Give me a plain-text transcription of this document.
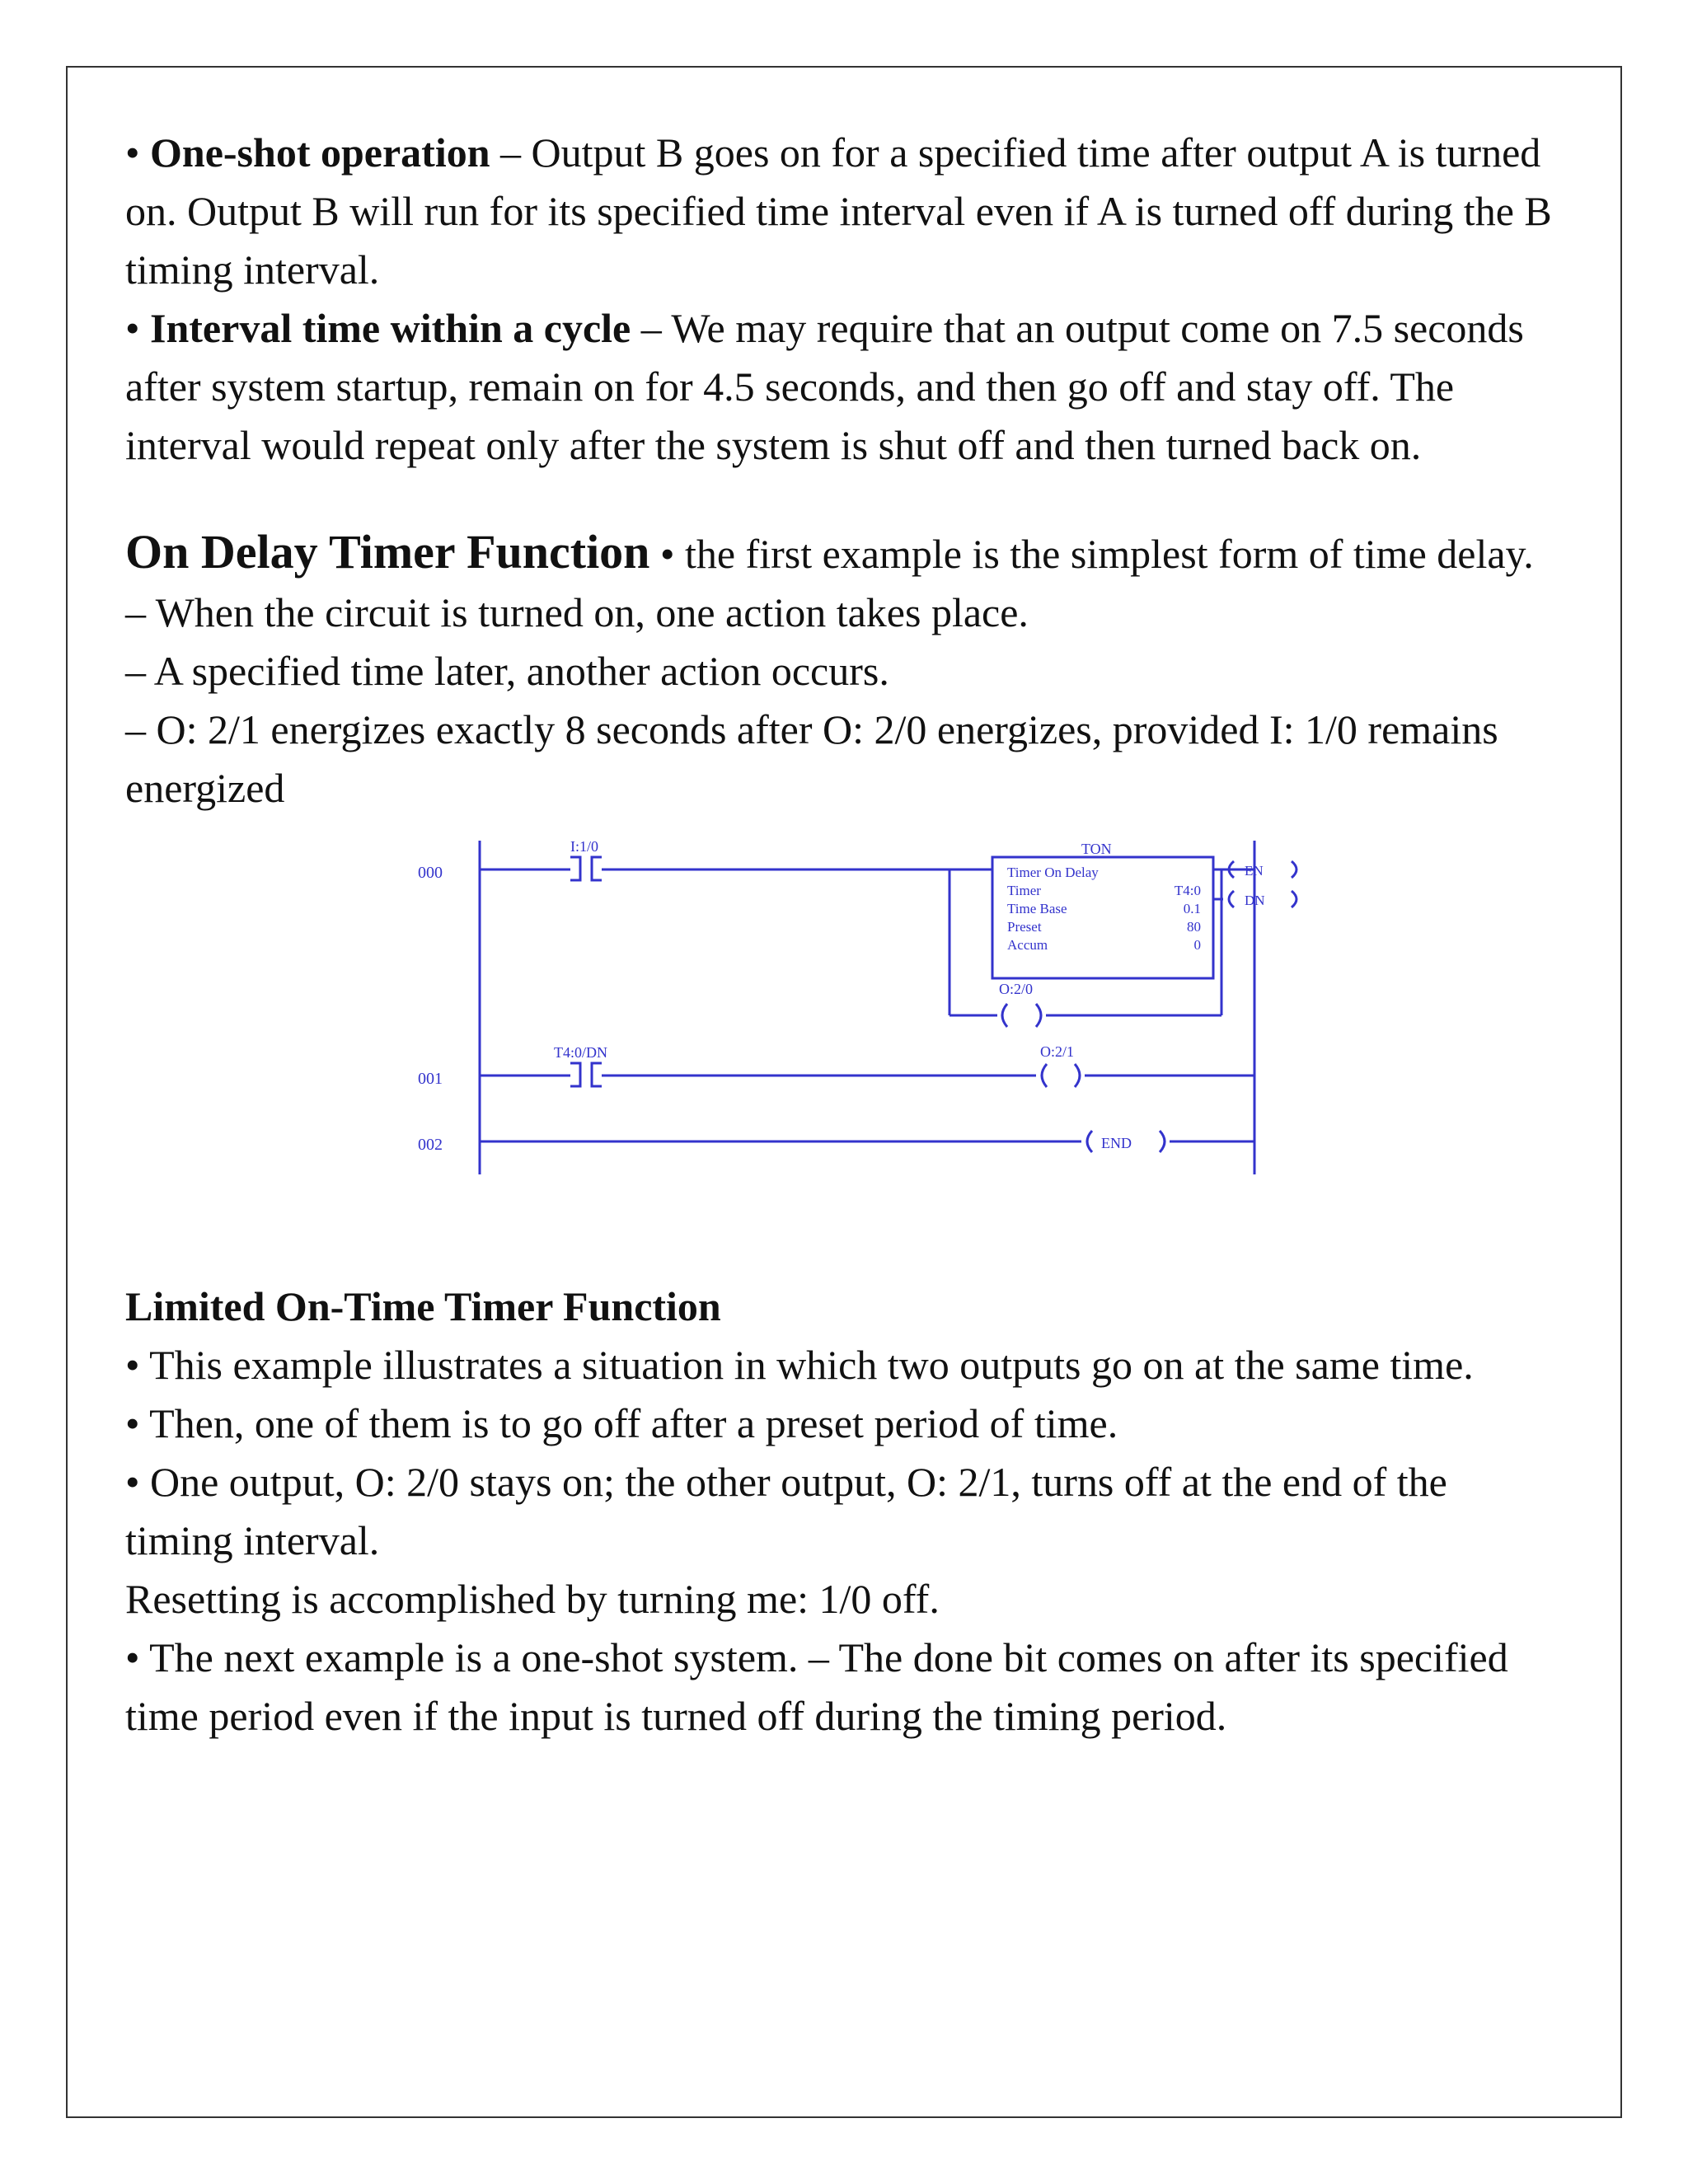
• One-shot operation – Output B goes on for a specified time after output A is turned on. Output B will run for its specified time interval even if A is turned off during the B timing interval.

• Interval time within a cycle – We may require that an output come on 7.5 seconds after system startup, remain on for 4.5 seconds, and then go off and stay off. The interval would repeat only after the system is shut off and then turned back on.

On Delay Timer Function • the first example is the simplest form of time delay.

– When the circuit is turned on, one action takes place.

– A specified time later, another action occurs.

– O: 2/1 energizes exactly 8 seconds after O: 2/0 energizes, provided I: 1/0 remains energized

000
001
002
I:1/0
T4:0/DN
TON
Timer On Delay
Timer
Time Base
Preset
Accum
T4:0
0.1
80
0
EN
DN
O:2/0
O:2/1
END

Limited On-Time Timer Function

• This example illustrates a situation in which two outputs go on at the same time.

• Then, one of them is to go off after a preset period of time.

• One output, O: 2/0 stays on; the other output, O: 2/1, turns off at the end of the timing interval.

Resetting is accomplished by turning me: 1/0 off.

• The next example is a one-shot system. – The done bit comes on after its specified time period even if the input is turned off during the timing period.
